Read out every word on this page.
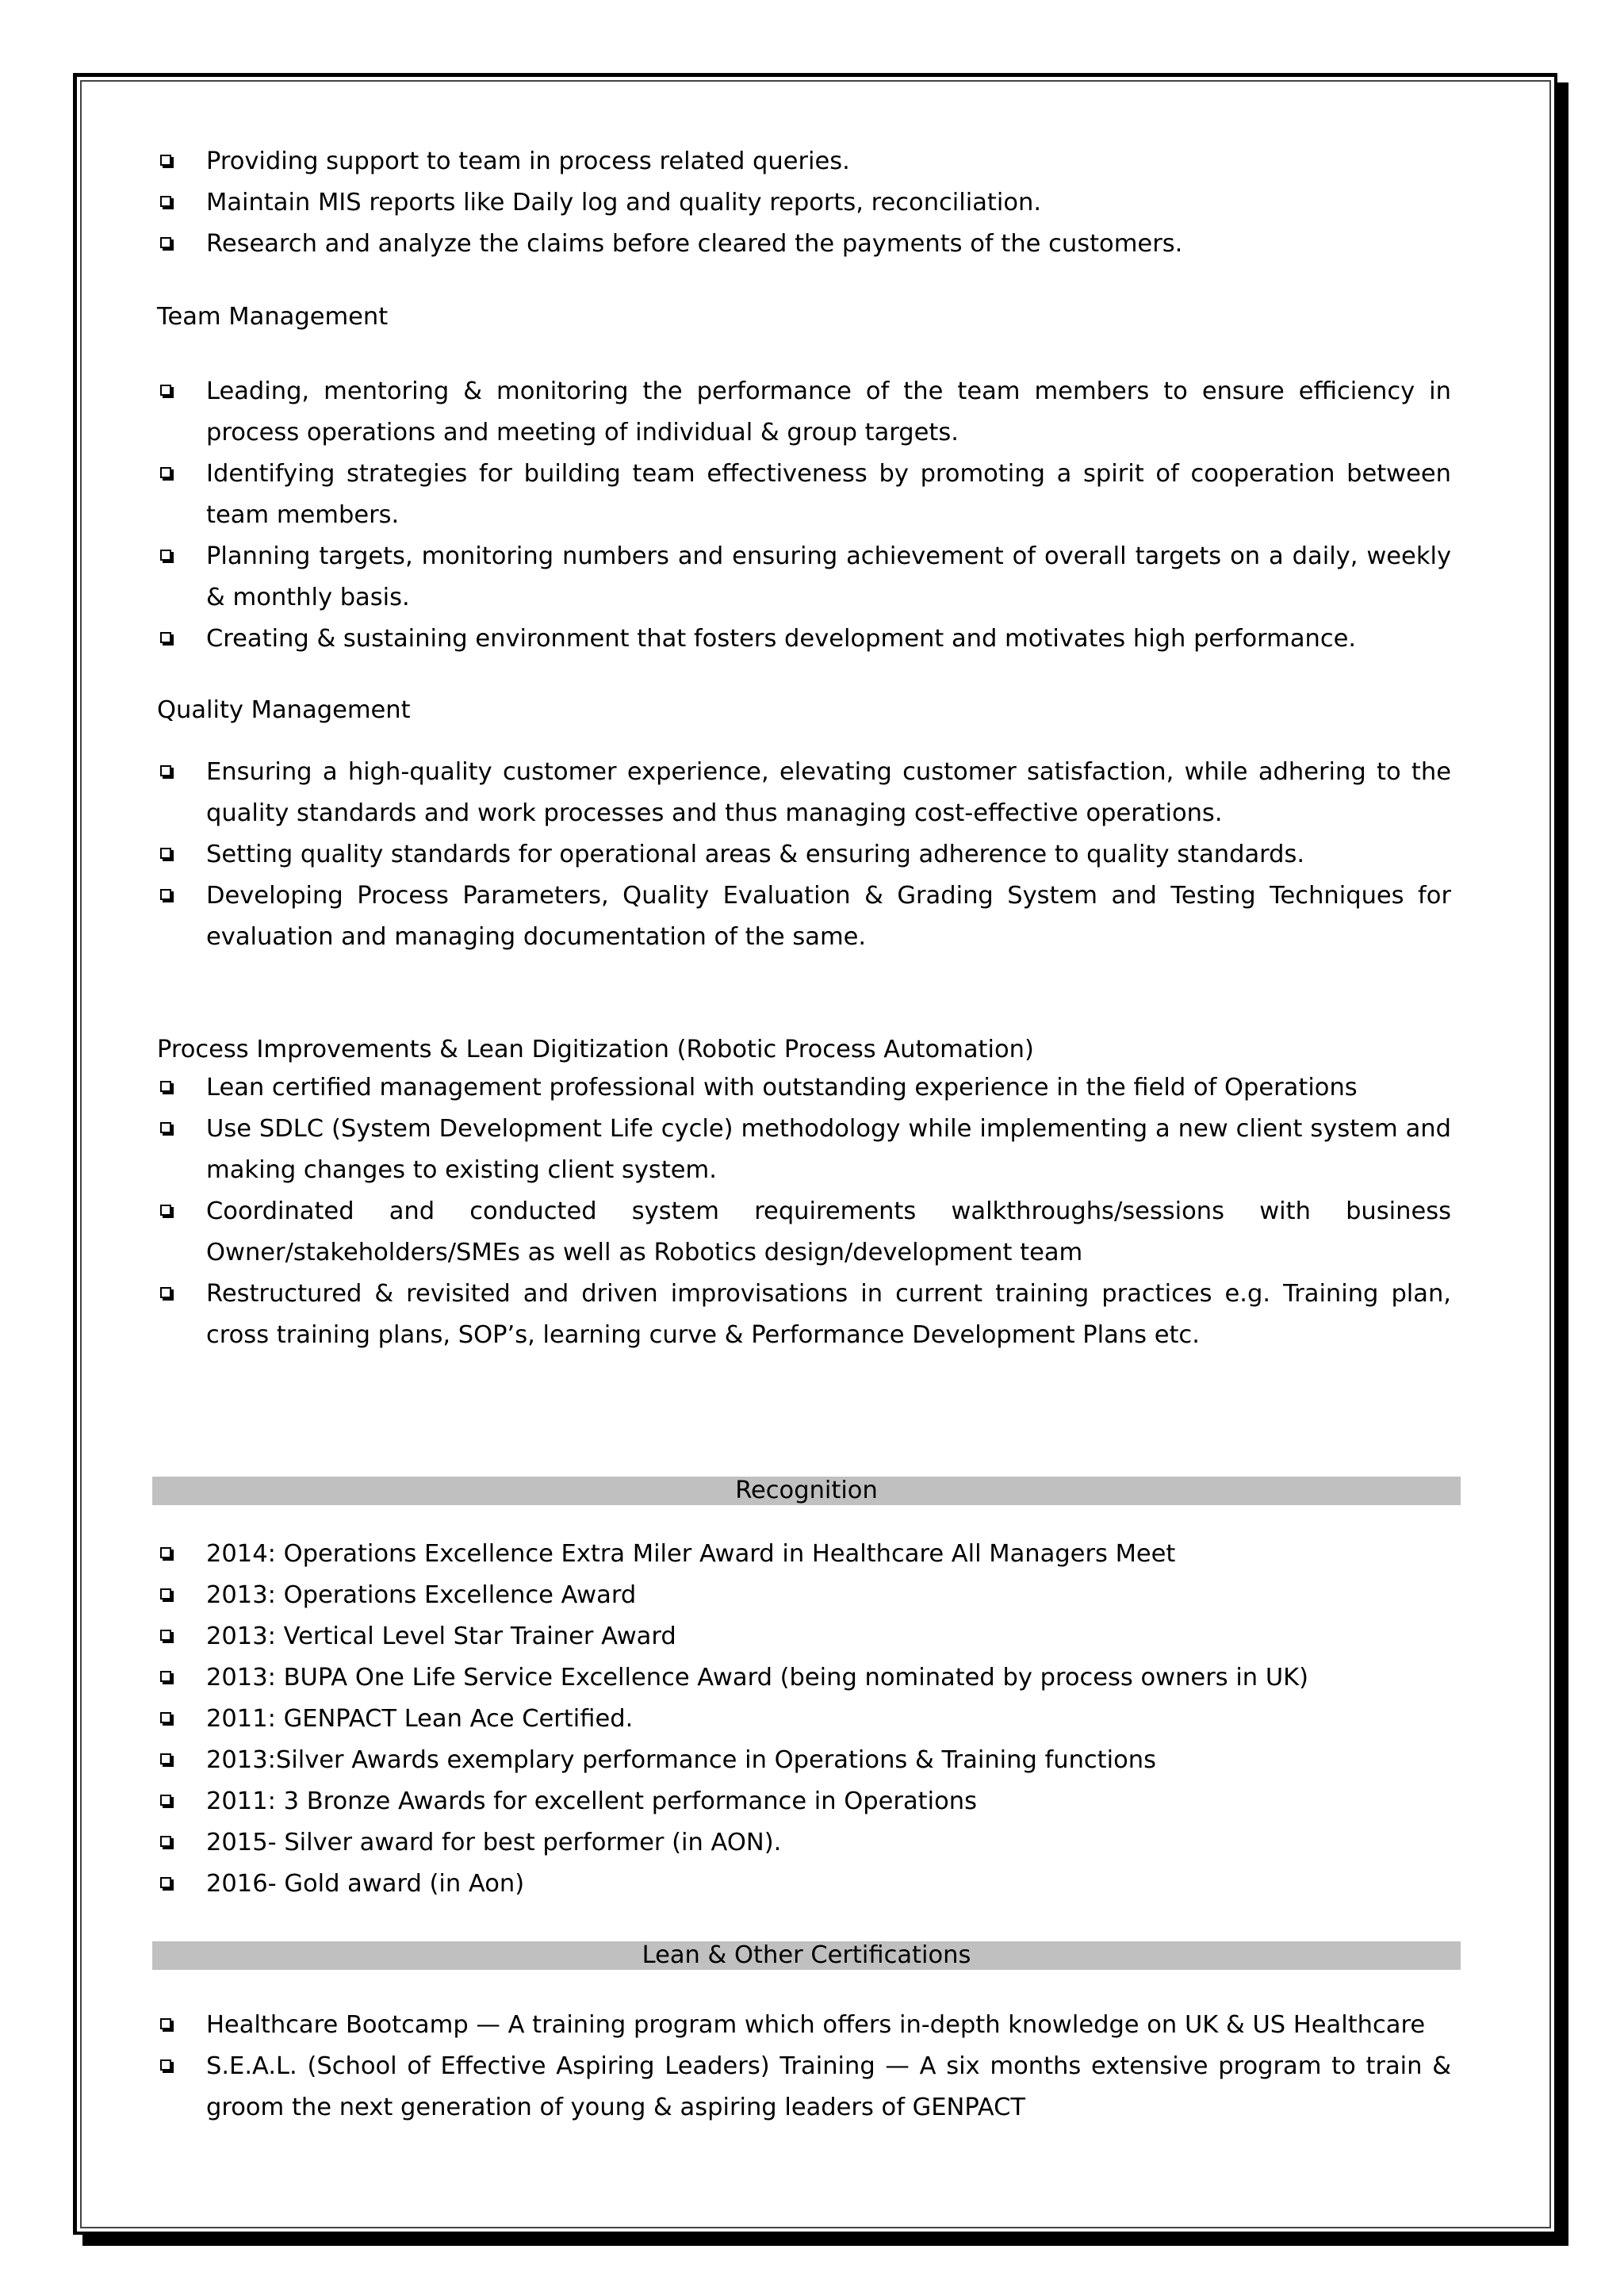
Providing support to team in process related queries.
Maintain MIS reports like Daily log and quality reports, reconciliation.
Research and analyze the claims before cleared the payments of the customers.
Team Management
Leading, mentoring & monitoring the performance of the team members to ensure efficiency in process operations and meeting of individual & group targets.
Identifying strategies for building team effectiveness by promoting a spirit of cooperation between team members.
Planning targets, monitoring numbers and ensuring achievement of overall targets on a daily, weekly & monthly basis.
Creating & sustaining environment that fosters development and motivates high performance.
Quality Management
Ensuring a high-quality customer experience, elevating customer satisfaction, while adhering to the quality standards and work processes and thus managing cost-effective operations.
Setting quality standards for operational areas & ensuring adherence to quality standards.
Developing Process Parameters, Quality Evaluation & Grading System and Testing Techniques for evaluation and managing documentation of the same.
Process Improvements & Lean Digitization (Robotic Process Automation)
Lean certified management professional with outstanding experience in the field of Operations
Use SDLC (System Development Life cycle) methodology while implementing a new client system and making changes to existing client system.
Coordinated and conducted system requirements walkthroughs/sessions with business Owner/stakeholders/SMEs as well as Robotics design/development team
Restructured & revisited and driven improvisations in current training practices e.g. Training plan, cross training plans, SOP’s, learning curve & Performance Development Plans etc.
Recognition
2014: Operations Excellence Extra Miler Award in Healthcare All Managers Meet
2013: Operations Excellence Award
2013: Vertical Level Star Trainer Award
2013: BUPA One Life Service Excellence Award (being nominated by process owners in UK)
2011: GENPACT Lean Ace Certified.
2013:Silver Awards exemplary performance in Operations & Training functions
2011: 3 Bronze Awards for excellent performance in Operations
2015- Silver award for best performer (in AON).
2016- Gold award (in Aon)
Lean & Other Certifications
Healthcare Bootcamp — A training program which offers in-depth knowledge on UK & US Healthcare
S.E.A.L. (School of Effective Aspiring Leaders) Training — A six months extensive program to train & groom the next generation of young & aspiring leaders of GENPACT
